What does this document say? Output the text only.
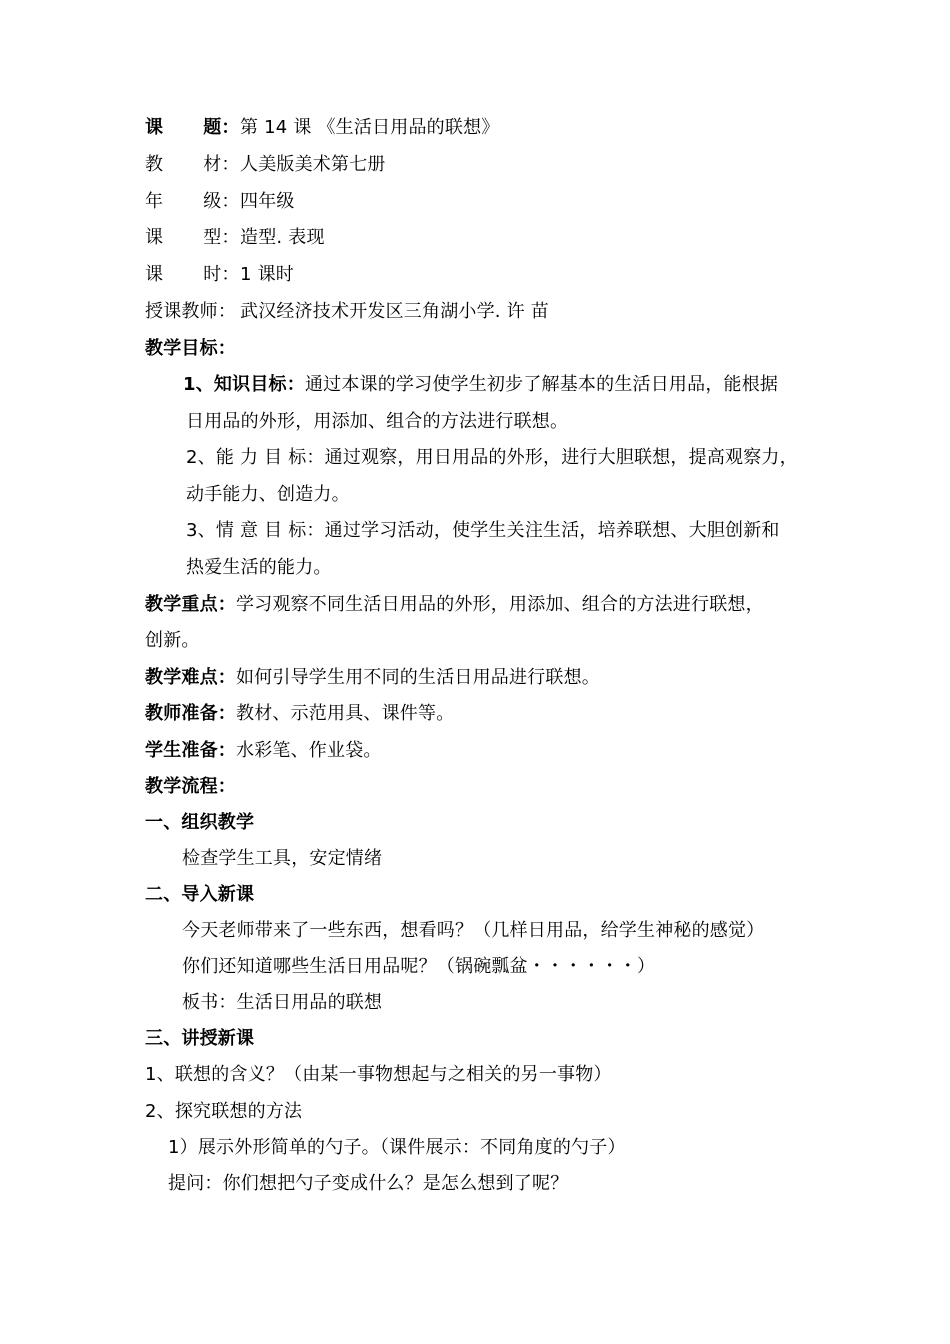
课 题：第 14 课 《生活日用品的联想》
教 材：人美版美术第七册
年 级：四年级
课 型：造型. 表现
课 时：1 课时
授课教师： 武汉经济技术开发区三角湖小学. 许 苗
教学目标：
1、知识目标：通过本课的学习使学生初步了解基本的生活日用品，能根据
日用品的外形，用添加、组合的方法进行联想。
2、能 力 目 标：通过观察，用日用品的外形，进行大胆联想，提高观察力，
动手能力、创造力。
3、情 意 目 标：通过学习活动，使学生关注生活，培养联想、大胆创新和
热爱生活的能力。
教学重点：学习观察不同生活日用品的外形，用添加、组合的方法进行联想，
创新。
教学难点：如何引导学生用不同的生活日用品进行联想。
教师准备：教材、示范用具、课件等。
学生准备：水彩笔、作业袋。
教学流程：
一、组织教学
检查学生工具，安定情绪
二、导入新课
今天老师带来了一些东西，想看吗？（几样日用品，给学生神秘的感觉）
你们还知道哪些生活日用品呢？（锅碗瓢盆・・・・・・）
板书：生活日用品的联想
三、讲授新课
1、联想的含义？（由某一事物想起与之相关的另一事物）
2、探究联想的方法
1）展示外形简单的勺子。（课件展示：不同角度的勺子）
提问：你们想把勺子变成什么？是怎么想到了呢？
